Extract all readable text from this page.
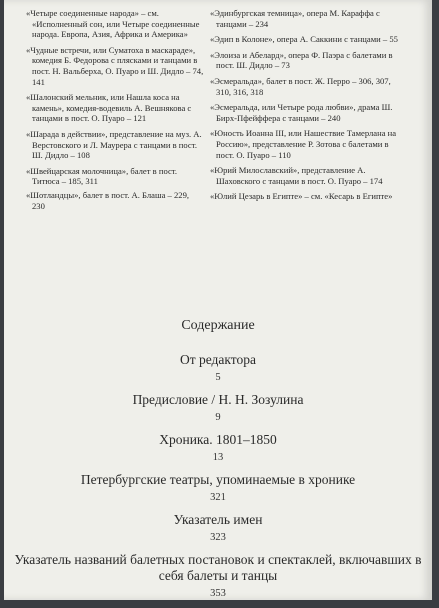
«Четыре соединенные народа» – см. «Исполненный сон, или Четыре соединенные народа. Европа, Азия, Африка и Америка»

«Чудные встречи, или Суматоха в маскараде», комедия Б. Федорова с плясками и танцами в пост. Н. Вальберха, О. Пуаро и Ш. Дидло – 74, 141

«Шалонский мельник, или Нашла коса на камень», комедия-водевиль А. Вешнякова с танцами в пост. О. Пуаро – 121

«Шарада в действии», представление на муз. А. Верстовского и Л. Маурера с танцами в пост. Ш. Дидло – 108

«Швейцарская молочница», балет в пост. Титюса – 185, 311

«Шотландцы», балет в пост. А. Блаша – 229, 230

«Эдинбургская темница», опера М. Караффа с танцами – 234

«Эдип в Колоне», опера А. Саккини с танцами – 55

«Элоиза и Абелард», опера Ф. Паэра с балетами в пост. Ш. Дидло – 73

«Эсмеральда», балет в пост. Ж. Перро – 306, 307, 310, 316, 318

«Эсмеральда, или Четыре рода любви», драма Ш. Бирх-Пфейффера с танцами – 240

«Юность Иоанна III, или Нашествие Тамерлана на Россию», представление Р. Зотова с балетами в пост. О. Пуаро – 110

«Юрий Милославский», представление А. Шаховского с танцами в пост. О. Пуаро – 174

«Юлий Цезарь в Египте» – см. «Кесарь в Египте»

Содержание

От редактора

5

Предисловие / Н. Н. Зозулина

9

Хроника. 1801–1850

13

Петербургские театры, упоминаемые в хронике

321

Указатель имен

323

Указатель названий балетных постановок и спектаклей, включавших в себя балеты и танцы

353
